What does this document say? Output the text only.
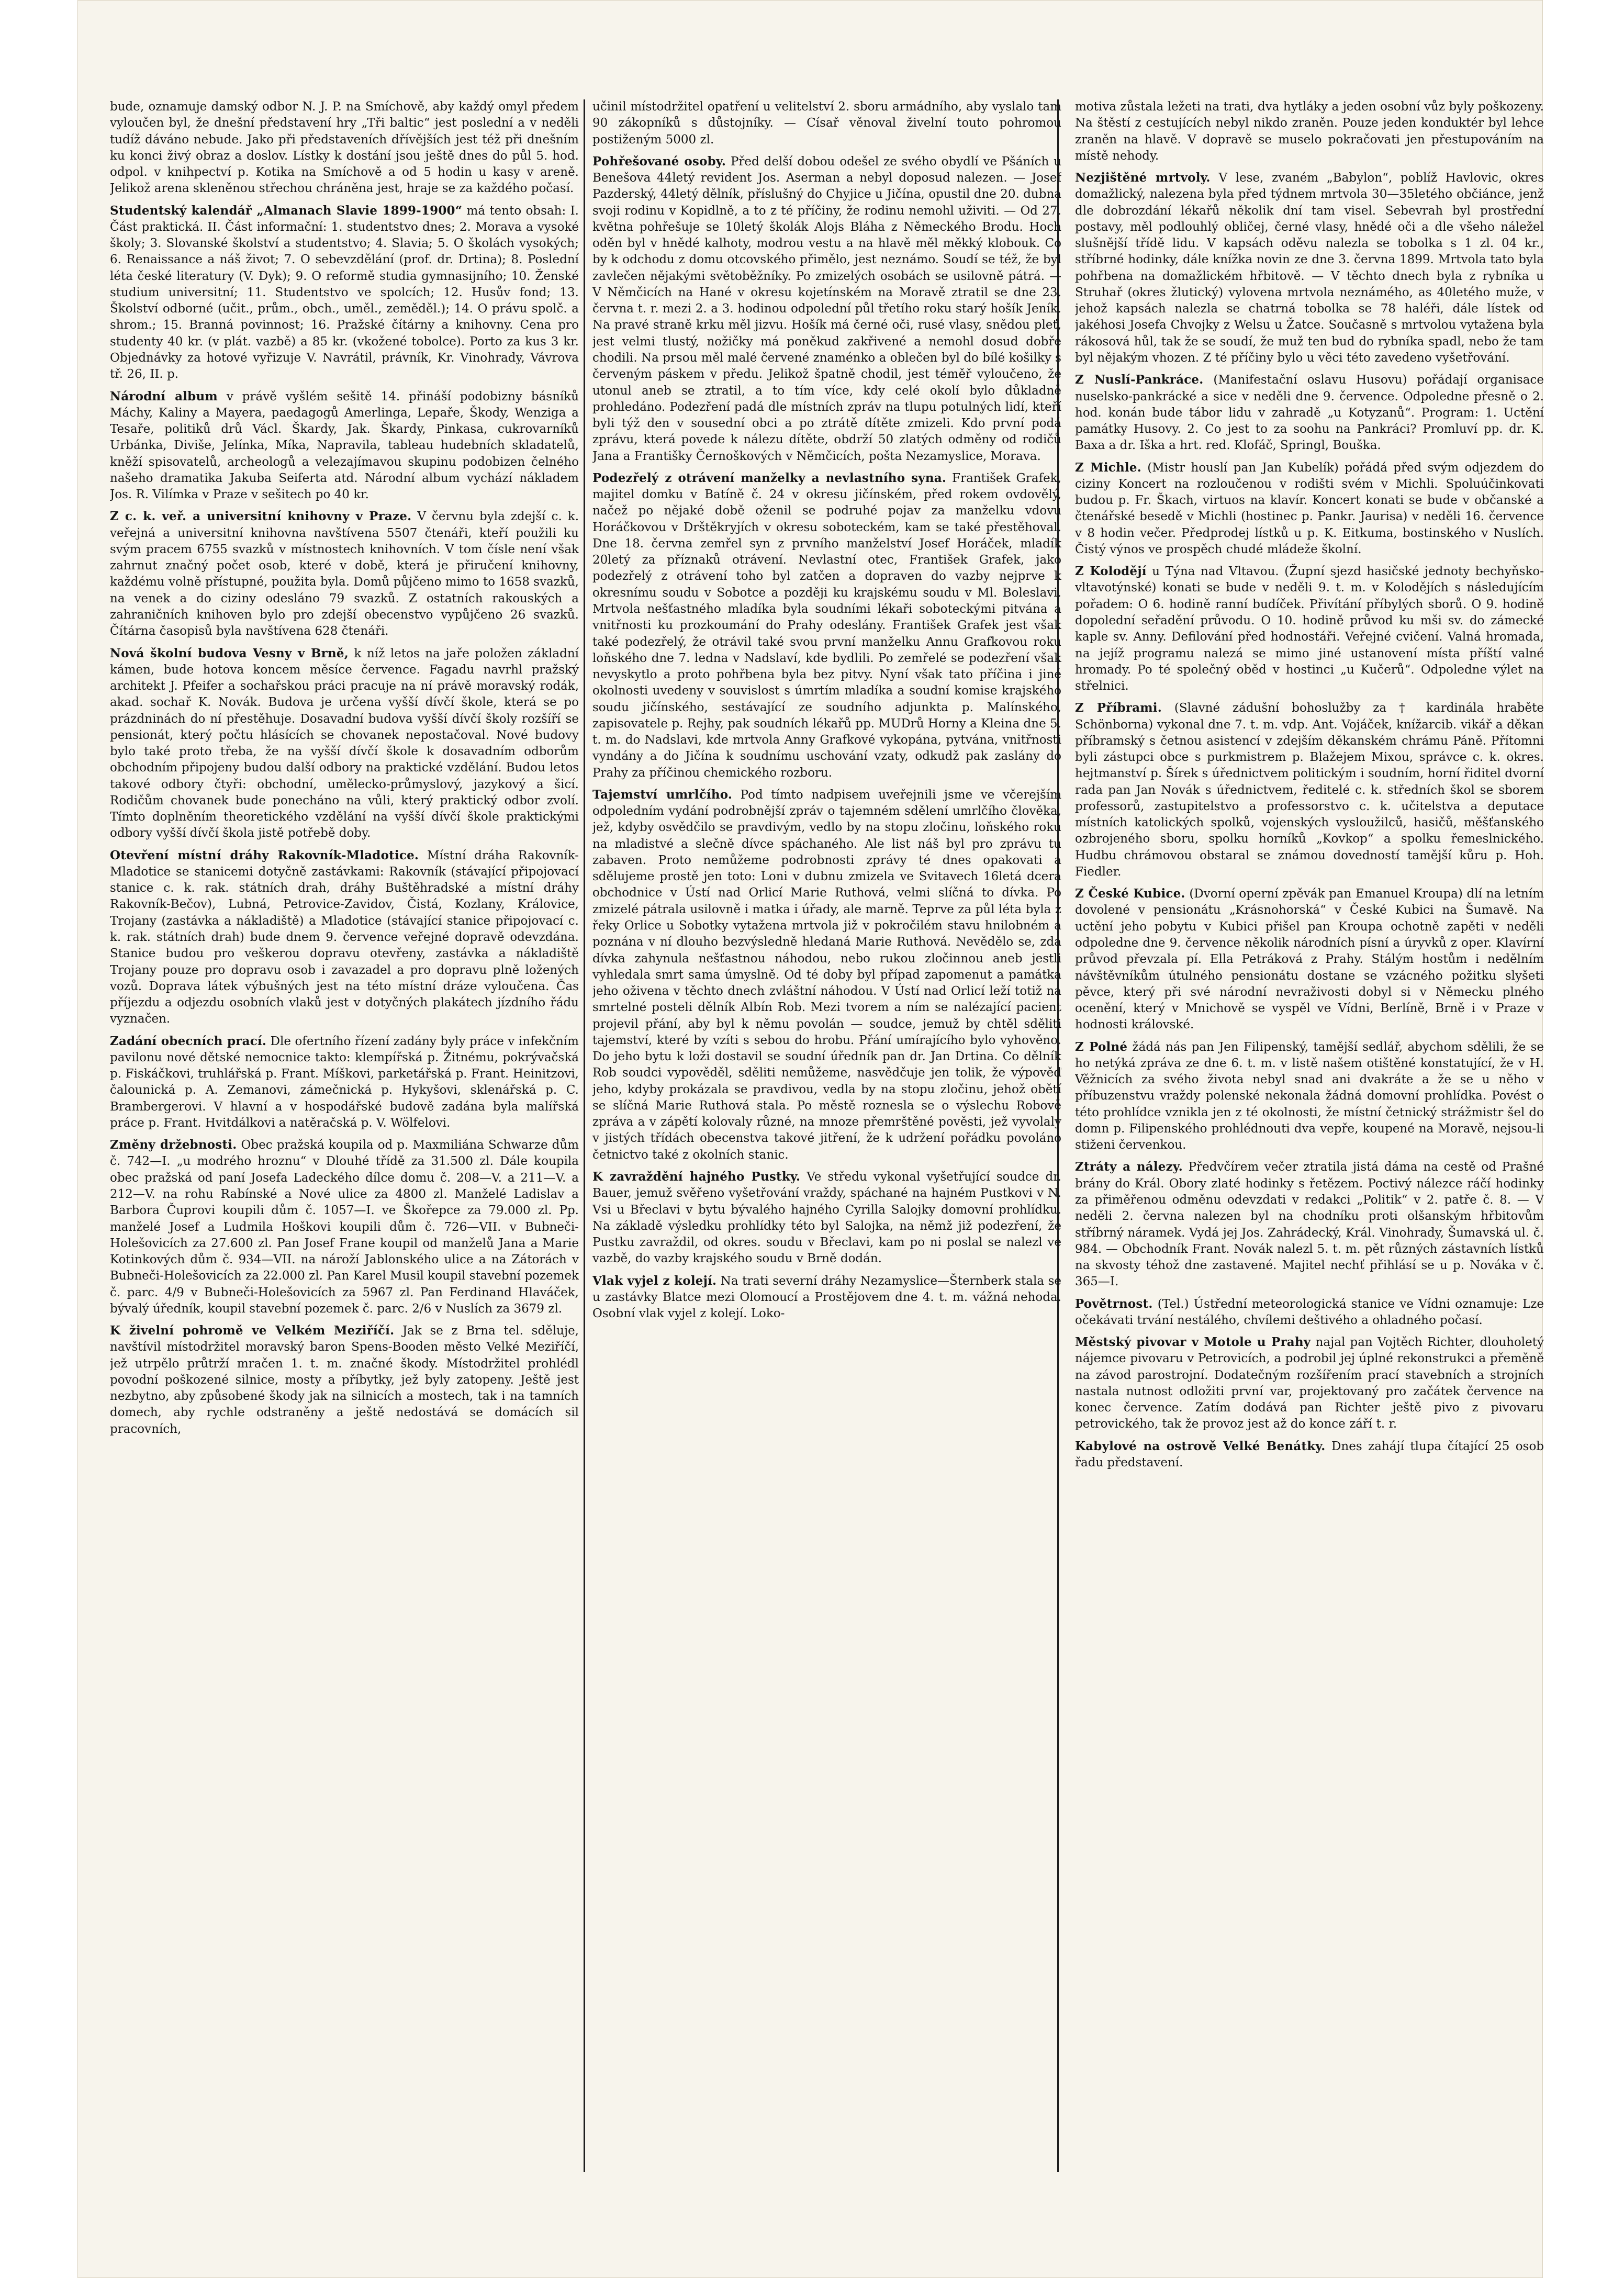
bude, oznamuje damský odbor N. J. P. na Smíchově, aby každý omyl předem vyloučen byl, že dnešní představení hry „Tři baltic“ jest poslední a v neděli tudíž dáváno nebude. Jako při představeních dřívějších jest též při dnešním ku konci živý obraz a doslov. Lístky k dostání jsou ještě dnes do půl 5. hod. odpol. v knihpectví p. Kotika na Smíchově a od 5 hodin u kasy v areně. Jelikož arena skleněnou střechou chráněna jest, hraje se za každého počasí.

Studentský kalendář „Almanach Slavie 1899-1900“ má tento obsah: I. Část praktická. II. Část informační: 1. studentstvo dnes; 2. Morava a vysoké školy; 3. Slovanské školství a studentstvo; 4. Slavia; 5. O školách vysokých; 6. Renaissance a náš život; 7. O sebevzdělání (prof. dr. Drtina); 8. Poslední léta české literatury (V. Dyk); 9. O reformě studia gymnasijního; 10. Ženské studium universitní; 11. Studentstvo ve spolcích; 12. Husův fond; 13. Školství odborné (učit., prům., obch., uměl., zeměděl.); 14. O právu spolč. a shrom.; 15. Branná povinnost; 16. Pražské čítárny a knihovny. Cena pro studenty 40 kr. (v plát. vazbě) a 85 kr. (vkožené tobolce). Porto za kus 3 kr. Objednávky za hotové vyřizuje V. Navrátil, právník, Kr. Vinohrady, Vávrova tř. 26, II. p.

Národní album v právě vyšlém sešitě 14. přináší podobizny básníků Máchy, Kaliny a Mayera, paedagogů Amerlinga, Lepaře, Škody, Wenziga a Tesaře, politiků drů Václ. Škardy, Jak. Škardy, Pinkasa, cukrovarníků Urbánka, Diviše, Jelínka, Míka, Napravila, tableau hudebních skladatelů, kněží spisovatelů, archeologů a velezajímavou skupinu podobizen čelného našeho dramatika Jakuba Seiferta atd. Národní album vychází nákladem Jos. R. Vilímka v Praze v sešitech po 40 kr.

Z c. k. veř. a universitní knihovny v Praze. V červnu byla zdejší c. k. veřejná a universitní knihovna navštívena 5507 čtenáři, kteří použili ku svým pracem 6755 svazků v místnostech knihovních. V tom čísle není však zahrnut značný počet osob, které v době, která je přiručení knihovny, každému volně přístupné, použita byla. Domů půjčeno mimo to 1658 svazků, na venek a do ciziny odesláno 79 svazků. Z ostatních rakouských a zahraničních knihoven bylo pro zdejší obecenstvo vypůjčeno 26 svazků. Čítárna časopisů byla navštívena 628 čtenáři.

Nová školní budova Vesny v Brně, k níž letos na jaře položen základní kámen, bude hotova koncem měsíce července. Fagadu navrhl pražský architekt J. Pfeifer a sochařskou práci pracuje na ní právě moravský rodák, akad. sochař K. Novák. Budova je určena vyšší dívčí škole, která se po prázdninách do ní přestěhuje. Dosavadní budova vyšší dívčí školy rozšíří se pensionát, který počtu hlásících se chovanek nepostačoval. Nové budovy bylo také proto třeba, že na vyšší dívčí škole k dosavadním odborům obchodním připojeny budou další odbory na praktické vzdělání. Budou letos takové odbory čtyři: obchodní, umělecko-průmyslový, jazykový a šicí. Rodičům chovanek bude ponecháno na vůli, který praktický odbor zvolí. Tímto doplněním theoretického vzdělání na vyšší dívčí škole praktickými odbory vyšší dívčí škola jistě potřebě doby.

Otevření místní dráhy Rakovník-Mladotice. Místní dráha Rakovník-Mladotice se stanicemi dotyčně zastávkami: Rakovník (stávající připojovací stanice c. k. rak. státních drah, dráhy Buštěhradské a místní dráhy Rakovník-Bečov), Lubná, Petrovice-Zavidov, Čistá, Kozlany, Královice, Trojany (zastávka a nákladiště) a Mladotice (stávající stanice připojovací c. k. rak. státních drah) bude dnem 9. července veřejné dopravě odevzdána. Stanice budou pro veškerou dopravu otevřeny, zastávka a nákladiště Trojany pouze pro dopravu osob i zavazadel a pro dopravu plně ložených vozů. Doprava látek výbušných jest na této místní dráze vyloučena. Čas příjezdu a odjezdu osobních vlaků jest v dotyčných plakátech jízdního řádu vyznačen.

Zadání obecních prací. Dle ofertního řízení zadány byly práce v infekčním pavilonu nové dětské nemocnice takto: klempířská p. Žitnému, pokrývačská p. Fiskáčkovi, truhlářská p. Frant. Míškovi, parketářská p. Frant. Heinitzovi, čalounická p. A. Zemanovi, zámečnická p. Hykyšovi, sklenářská p. C. Brambergerovi. V hlavní a v hospodářské budově zadána byla malířská práce p. Frant. Hvitdálkovi a natěračská p. V. Wölfelovi.

Změny držebnosti. Obec pražská koupila od p. Maxmiliána Schwarze dům č. 742—I. „u modrého hroznu“ v Dlouhé třídě za 31.500 zl. Dále koupila obec pražská od paní Josefa Ladeckého dílce domu č. 208—V. a 211—V. a 212—V. na rohu Rabínské a Nové ulice za 4800 zl. Manželé Ladislav a Barbora Čuprovi koupili dům č. 1057—I. ve Škořepce za 79.000 zl. Pp. manželé Josef a Ludmila Hoškovi koupili dům č. 726—VII. v Bubneči-Holešovicích za 27.600 zl. Pan Josef Frane koupil od manželů Jana a Marie Kotinkových dům č. 934—VII. na nároží Jablonského ulice a na Zátorách v Bubneči-Holešovicích za 22.000 zl. Pan Karel Musil koupil stavební pozemek č. parc. 4/9 v Bubneči-Holešovicích za 5967 zl. Pan Ferdinand Hlaváček, bývalý úředník, koupil stavební pozemek č. parc. 2/6 v Nuslích za 3679 zl.

K živelní pohromě ve Velkém Meziříčí. Jak se z Brna tel. sděluje, navštívil místodržitel moravský baron Spens-Booden město Velké Meziříčí, jež utrpělo průtrží mračen 1. t. m. značné škody. Místodržitel prohlédl povodní poškozené silnice, mosty a příbytky, jež byly zatopeny. Ještě jest nezbytno, aby způsobené škody jak na silnicích a mostech, tak i na tamních domech, aby rychle odstraněny a ještě nedostává se domácích sil pracovních,

učinil místodržitel opatření u velitelství 2. sboru armádního, aby vyslalo tam 90 zákopníků s důstojníky. — Císař věnoval živelní touto pohromou postiženým 5000 zl.

Pohřešované osoby. Před delší dobou odešel ze svého obydlí ve Pšáních u Benešova 44letý revident Jos. Aserman a nebyl doposud nalezen. — Josef Pazderský, 44letý dělník, příslušný do Chyjice u Jičína, opustil dne 20. dubna svoji rodinu v Kopidlně, a to z té příčiny, že rodinu nemohl uživiti. — Od 27. května pohřešuje se 10letý školák Alojs Bláha z Německého Brodu. Hoch oděn byl v hnědé kalhoty, modrou vestu a na hlavě měl měkký klobouk. Co by k odchodu z domu otcovského přimělo, jest neznámo. Soudí se též, že byl zavlečen nějakými světoběžníky. Po zmizelých osobách se usilovně pátrá. — V Němčicích na Hané v okresu kojetínském na Moravě ztratil se dne 23. června t. r. mezi 2. a 3. hodinou odpolední půl třetího roku starý hošík Jeník. Na pravé straně krku měl jizvu. Hošík má černé oči, rusé vlasy, snědou pleť, jest velmi tlustý, nožičky má poněkud zakřivené a nemohl dosud dobře chodili. Na prsou měl malé červené znaménko a oblečen byl do bílé košilky s červeným páskem v předu. Jelikož špatně chodil, jest téměř vyloučeno, že utonul aneb se ztratil, a to tím více, kdy celé okolí bylo důkladně prohledáno. Podezření padá dle místních zpráv na tlupu potulných lidí, kteří byli týž den v sousední obci a po ztrátě dítěte zmizeli. Kdo první podá zprávu, která povede k nálezu dítěte, obdrží 50 zlatých odměny od rodičů Jana a Františky Černoškových v Němčicích, pošta Nezamyslice, Morava.

Podezřelý z otrávení manželky a nevlastního syna. František Grafek, majitel domku v Batíně č. 24 v okresu jičínském, před rokem ovdovělý, načež po nějaké době oženil se podruhé pojav za manželku vdovu Horáčkovou v Drštěkryjích v okresu soboteckém, kam se také přestěhoval. Dne 18. června zemřel syn z prvního manželství Josef Horáček, mladík 20letý za příznaků otrávení. Nevlastní otec, František Grafek, jako podezřelý z otrávení toho byl zatčen a dopraven do vazby nejprve k okresnímu soudu v Sobotce a později ku krajskému soudu v Ml. Boleslavi. Mrtvola nešťastného mladíka byla soudními lékaři soboteckými pitvána a vnitřnosti ku prozkoumání do Prahy odeslány. František Grafek jest však také podezřelý, že otrávil také svou první manželku Annu Grafkovou roku loňského dne 7. ledna v Nadslaví, kde bydlili. Po zemřelé se podezření však nevyskytlo a proto pohřbena byla bez pitvy. Nyní však tato příčina i jiné okolnosti uvedeny v souvislost s úmrtím mladíka a soudní komise krajského soudu jičínského, sestávající ze soudního adjunkta p. Malínského, zapisovatele p. Rejhy, pak soudních lékařů pp. MUDrů Horny a Kleina dne 5. t. m. do Nadslavi, kde mrtvola Anny Grafkové vykopána, pytvána, vnitřnosti vyndány a do Jičína k soudnímu uschování vzaty, odkudž pak zaslány do Prahy za příčinou chemického rozboru.

Tajemství umrlčího. Pod tímto nadpisem uveřejnili jsme ve včerejším odpoledním vydání podrobnější zpráv o tajemném sdělení umrlčího člověka, jež, kdyby osvědčilo se pravdivým, vedlo by na stopu zločinu, loňského roku na mladistvé a slečně dívce spáchaného. Ale list náš byl pro zprávu tu zabaven. Proto nemůžeme podrobnosti zprávy té dnes opakovati a sdělujeme prostě jen toto: Loni v dubnu zmizela ve Svitavech 16letá dcera obchodnice v Ústí nad Orlicí Marie Ruthová, velmi slíčná to dívka. Po zmizelé pátrala usilovně i matka i úřady, ale marně. Teprve za půl léta byla z řeky Orlice u Sobotky vytažena mrtvola již v pokročilém stavu hnilobném a poznána v ní dlouho bezvýsledně hledaná Marie Ruthová. Nevědělo se, zda dívka zahynula nešťastnou náhodou, nebo rukou zločinnou aneb jestli vyhledala smrt sama úmyslně. Od té doby byl případ zapomenut a památka jeho oživena v těchto dnech zvláštní náhodou. V Ústí nad Orlicí leží totiž na smrtelné posteli dělník Albín Rob. Mezi tvorem a ním se nalézající pacient projevil přání, aby byl k němu povolán — soudce, jemuž by chtěl sděliti tajemství, které by vzíti s sebou do hrobu. Přání umírajícího bylo vyhověno. Do jeho bytu k loži dostavil se soudní úředník pan dr. Jan Drtina. Co dělník Rob soudci vypověděl, sděliti nemůžeme, nasvědčuje jen tolik, že výpověď jeho, kdyby prokázala se pravdivou, vedla by na stopu zločinu, jehož obětí se slíčná Marie Ruthová stala. Po městě roznesla se o výslechu Robově zpráva a v zápětí kolovaly různé, na mnoze přemrštěné pověsti, jež vyvolaly v jistých třídách obecenstva takové jitření, že k udržení pořádku povoláno četnictvo také z okolních stanic.

K zavraždění hajného Pustky. Ve středu vykonal vyšetřující soudce dr. Bauer, jemuž svěřeno vyšetřování vraždy, spáchané na hajném Pustkovi v N. Vsi u Břeclavi v bytu bývalého hajného Cyrilla Salojky domovní prohlídku. Na základě výsledku prohlídky této byl Salojka, na němž již podezření, že Pustku zavraždil, od okres. soudu v Břeclavi, kam po ni poslal se nalezl ve vazbě, do vazby krajského soudu v Brně dodán.

Vlak vyjel z kolejí. Na trati severní dráhy Nezamyslice—Šternberk stala se u zastávky Blatce mezi Olomoucí a Prostějovem dne 4. t. m. vážná nehoda. Osobní vlak vyjel z kolejí. Loko-

motiva zůstala ležeti na trati, dva hytláky a jeden osobní vůz byly poškozeny. Na štěstí z cestujících nebyl nikdo zraněn. Pouze jeden konduktér byl lehce zraněn na hlavě. V dopravě se muselo pokračovati jen přestupováním na místě nehody.

Nezjištěné mrtvoly. V lese, zvaném „Babylon“, poblíž Havlovic, okres domažlický, nalezena byla před týdnem mrtvola 30—35letého občiánce, jenž dle dobrozdání lékařů několik dní tam visel. Sebevrah byl prostřední postavy, měl podlouhlý obličej, černé vlasy, hnědé oči a dle všeho náležel slušnější třídě lidu. V kapsách oděvu nalezla se tobolka s 1 zl. 04 kr., stříbrné hodinky, dále knížka novin ze dne 3. června 1899. Mrtvola tato byla pohřbena na domažlickém hřbitově. — V těchto dnech byla z rybníka u Struhař (okres žlutický) vylovena mrtvola neznámého, as 40letého muže, v jehož kapsách nalezla se chatrná tobolka se 78 haléři, dále lístek od jakéhosi Josefa Chvojky z Welsu u Žatce. Současně s mrtvolou vytažena byla rákosová hůl, tak že se soudí, že muž ten bud do rybníka spadl, nebo že tam byl nějakým vhozen. Z té příčiny bylo u věci této zavedeno vyšetřování.

Z Nuslí-Pankráce. (Manifestační oslavu Husovu) pořádají organisace nuselsko-pankrácké a sice v neděli dne 9. července. Odpoledne přesně o 2. hod. konán bude tábor lidu v zahradě „u Kotyzanů“. Program: 1. Uctění památky Husovy. 2. Co jest to za soohu na Pankráci? Promluví pp. dr. K. Baxa a dr. Iška a hrt. red. Klofáč, Springl, Bouška.

Z Michle. (Mistr houslí pan Jan Kubelík) pořádá před svým odjezdem do ciziny Koncert na rozloučenou v rodišti svém v Michli. Spoluúčinkovati budou p. Fr. Škach, virtuos na klavír. Koncert konati se bude v občanské a čtenářské besedě v Michli (hostinec p. Pankr. Jaurisa) v neděli 16. července v 8 hodin večer. Předprodej lístků u p. K. Eitkuma, bostinského v Nuslích. Čistý výnos ve prospěch chudé mládeže školní.

Z Kolodějí u Týna nad Vltavou. (Župní sjezd hasičské jednoty bechyňsko-vltavotýnské) konati se bude v neděli 9. t. m. v Kolodějích s následujícím pořadem: O 6. hodině ranní budíček. Přivítání příbylých sborů. O 9. hodině dopolední seřadění průvodu. O 10. hodině průvod ku mši sv. do zámecké kaple sv. Anny. Defilování před hodnostáři. Veřejné cvičení. Valná hromada, na jejíž programu nalezá se mimo jiné ustanovení místa příští valné hromady. Po té společný oběd v hostinci „u Kučerů“. Odpoledne výlet na střelnici.

Z Příbrami. (Slavné zádušní bohoslužby za † kardinála hraběte Schönborna) vykonal dne 7. t. m. vdp. Ant. Vojáček, knížarcib. vikář a děkan příbramský s četnou asistencí v zdejším děkanském chrámu Páně. Přítomni byli zástupci obce s purkmistrem p. Blažejem Mixou, správce c. k. okres. hejtmanství p. Šírek s úřednictvem politickým i soudním, horní řiditel dvorní rada pan Jan Novák s úřednictvem, ředitelé c. k. středních škol se sborem professorů, zastupitelstvo a professorstvo c. k. učitelstva a deputace místních katolických spolků, vojenských vysloužilců, hasičů, měšťanského ozbrojeného sboru, spolku horníků „Kovkop“ a spolku řemeslnického. Hudbu chrámovou obstaral se známou dovedností tamější kůru p. Hoh. Fiedler.

Z České Kubice. (Dvorní operní zpěvák pan Emanuel Kroupa) dlí na letním dovolené v pensionátu „Krásnohorská“ v České Kubici na Šumavě. Na uctění jeho pobytu v Kubici přišel pan Kroupa ochotně zapěti v neděli odpoledne dne 9. července několik národních písní a úryvků z oper. Klavírní průvod převzala pí. Ella Petráková z Prahy. Stálým hostům i nedělním návštěvníkům útulného pensionátu dostane se vzácného požitku slyšeti pěvce, který při své národní nevraživosti dobyl si v Německu plného ocenění, který v Mnichově se vyspěl ve Vídni, Berlíně, Brně i v Praze v hodnosti královské.

Z Polné žádá nás pan Jen Filipenský, tamější sedlář, abychom sdělili, že se ho netýká zpráva ze dne 6. t. m. v listě našem otištěné konstatující, že v H. Věžnicích za svého života nebyl snad ani dvakráte a že se u něho v příbuzenstvu vraždy polenské nekonala žádná domovní prohlídka. Povést o této prohlídce vznikla jen z té okolnosti, že místní četnický strážmistr šel do domn p. Filipenského prohlédnouti dva vepře, koupené na Moravě, nejsou-li stiženi červenkou.

Ztráty a nálezy. Předvčírem večer ztratila jistá dáma na cestě od Prašné brány do Král. Obory zlaté hodinky s řetězem. Poctivý nálezce ráčí hodinky za přiměřenou odměnu odevzdati v redakci „Politik“ v 2. patře č. 8. — V neděli 2. června nalezen byl na chodníku proti olšanským hřbitovům stříbrný náramek. Vydá jej Jos. Zahrádecký, Král. Vinohrady, Šumavská ul. č. 984. — Obchodník Frant. Novák nalezl 5. t. m. pět různých zástavních lístků na skvosty téhož dne zastavené. Majitel nechť přihlásí se u p. Nováka v č. 365—I.

Povětrnost. (Tel.) Ústřední meteorologická stanice ve Vídni oznamuje: Lze očekávati trvání nestálého, chvílemi deštivého a ohladného počasí.

Městský pivovar v Motole u Prahy najal pan Vojtěch Richter, dlouholetý nájemce pivovaru v Petrovicích, a podrobil jej úplné rekonstrukci a přeměně na závod parostrojní. Dodatečným rozšířením prací stavebních a strojních nastala nutnost odložiti první var, projektovaný pro začátek července na konec července. Zatím dodává pan Richter ještě pivo z pivovaru petrovického, tak že provoz jest až do konce září t. r.

Kabylové na ostrově Velké Benátky. Dnes zahájí tlupa čítající 25 osob řadu představení.
